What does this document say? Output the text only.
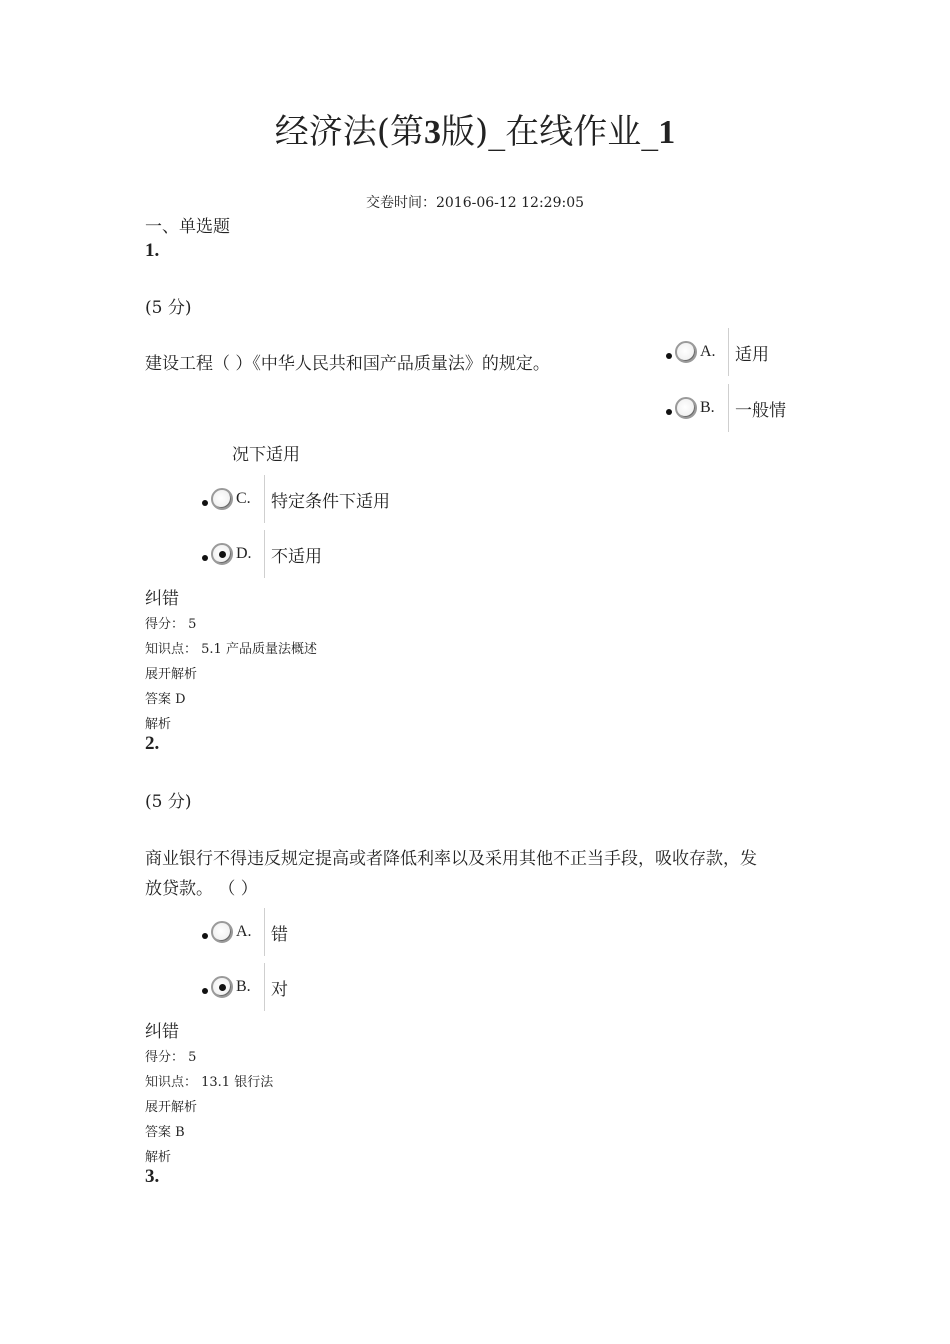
经济法(第3版)_在线作业_1
交卷时间：2016-06-12 12:29:05
一、单选题
1.
(5 分)
建设工程（ ）《中华人民共和国产品质量法》的规定。
A.	适用
B.	一般情
况下适用
C.	特定条件下适用
D.	不适用
纠错
得分： 5
知识点： 5.1 产品质量法概述
展开解析
答案 D
解析
2.
(5 分)
商业银行不得违反规定提高或者降低利率以及采用其他不正当手段，吸收存款，发
放贷款。 （ ）
A.	错
B.	对
纠错
得分： 5
知识点： 13.1 银行法
展开解析
答案 B
解析
3.
